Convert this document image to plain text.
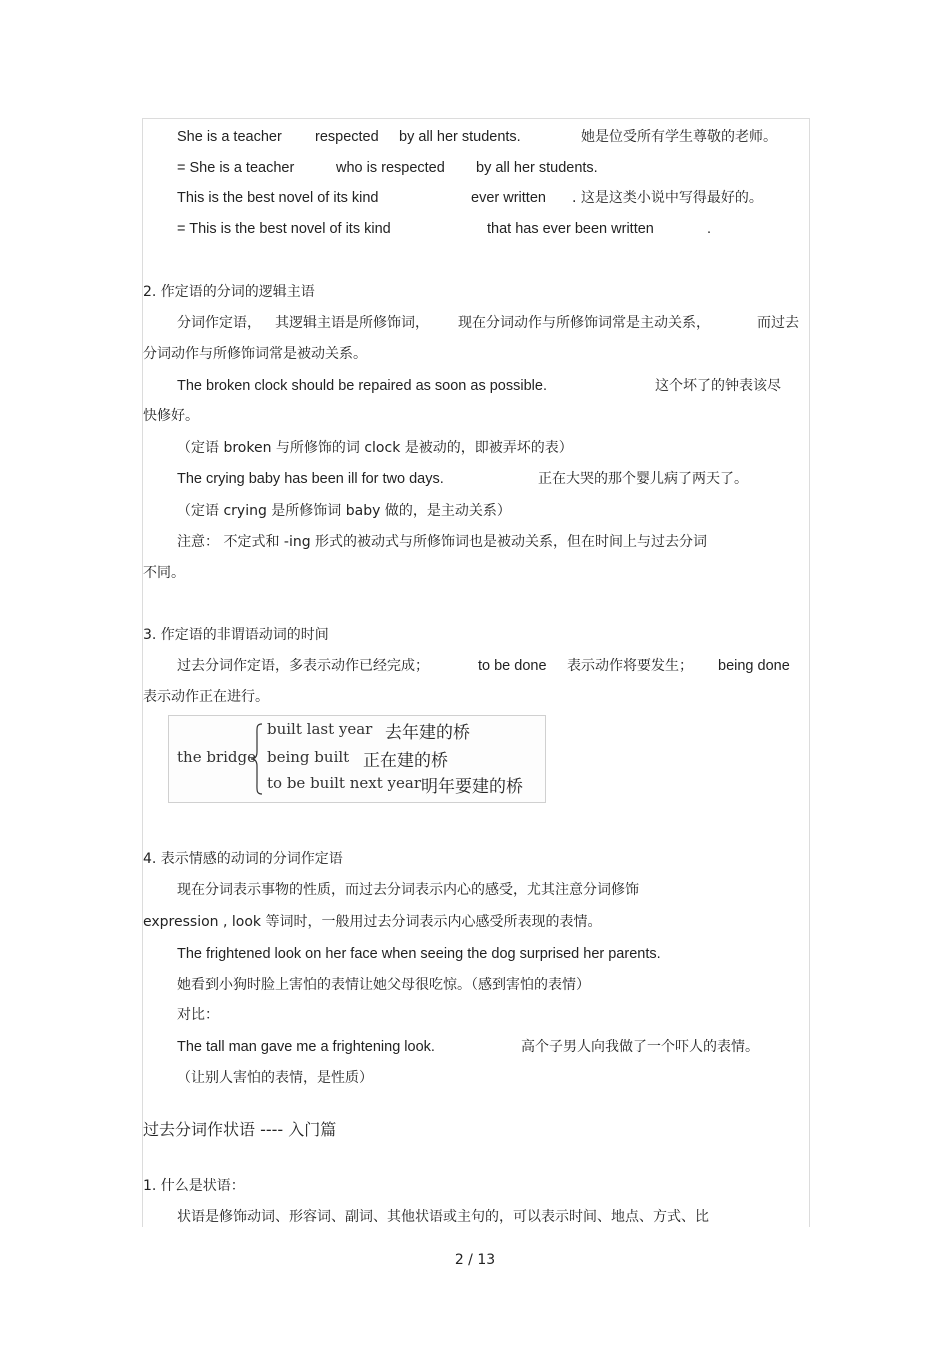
She is a teacher respected by all her students.	她是位受所有学生尊敬的老师。
= She is a teacher	who is respected by all her students.
This is the best novel of its kind	ever written . 这是这类小说中写得最好的。
= This is the best novel of its kind	that has ever been written	.
2. 作定语的分词的逻辑主语
分词作定语， 其逻辑主语是所修饰词， 现在分词动作与所修饰词常是主动关系，	而过去
分词动作与所修饰词常是被动关系。
The broken clock should be repaired as soon as possible.	这个坏了的钟表该尽
快修好。
（定语 broken 与所修饰的词 clock 是被动的，即被弄坏的表）
The crying baby has been ill for two days.	正在大哭的那个婴儿病了两天了。
（定语 crying 是所修饰词 baby 做的，是主动关系）
注意： 不定式和 -ing 形式的被动式与所修饰词也是被动关系，但在时间上与过去分词
不同。
3. 作定语的非谓语动词的时间
过去分词作定语，多表示动作已经完成；	to be done 表示动作将要发生； being done
表示动作正在进行。
4. 表示情感的动词的分词作定语
现在分词表示事物的性质，而过去分词表示内心的感受，尤其注意分词修饰
expression , look 等词时，一般用过去分词表示内心感受所表现的表情。
The frightened look on her face when seeing the dog surprised her parents.
她看到小狗时脸上害怕的表情让她父母很吃惊。（感到害怕的表情）
对比：
The tall man gave me a frightening look.	高个子男人向我做了一个吓人的表情。
（让别人害怕的表情，是性质）
过去分词作状语 ---- 入门篇
1. 什么是状语：
状语是修饰动词、形容词、副词、其他状语或主句的，可以表示时间、地点、方式、比
the bridge
built last year 去年建的桥
being built 正在建的桥
to be built next year 明年要建的桥
2 / 13
